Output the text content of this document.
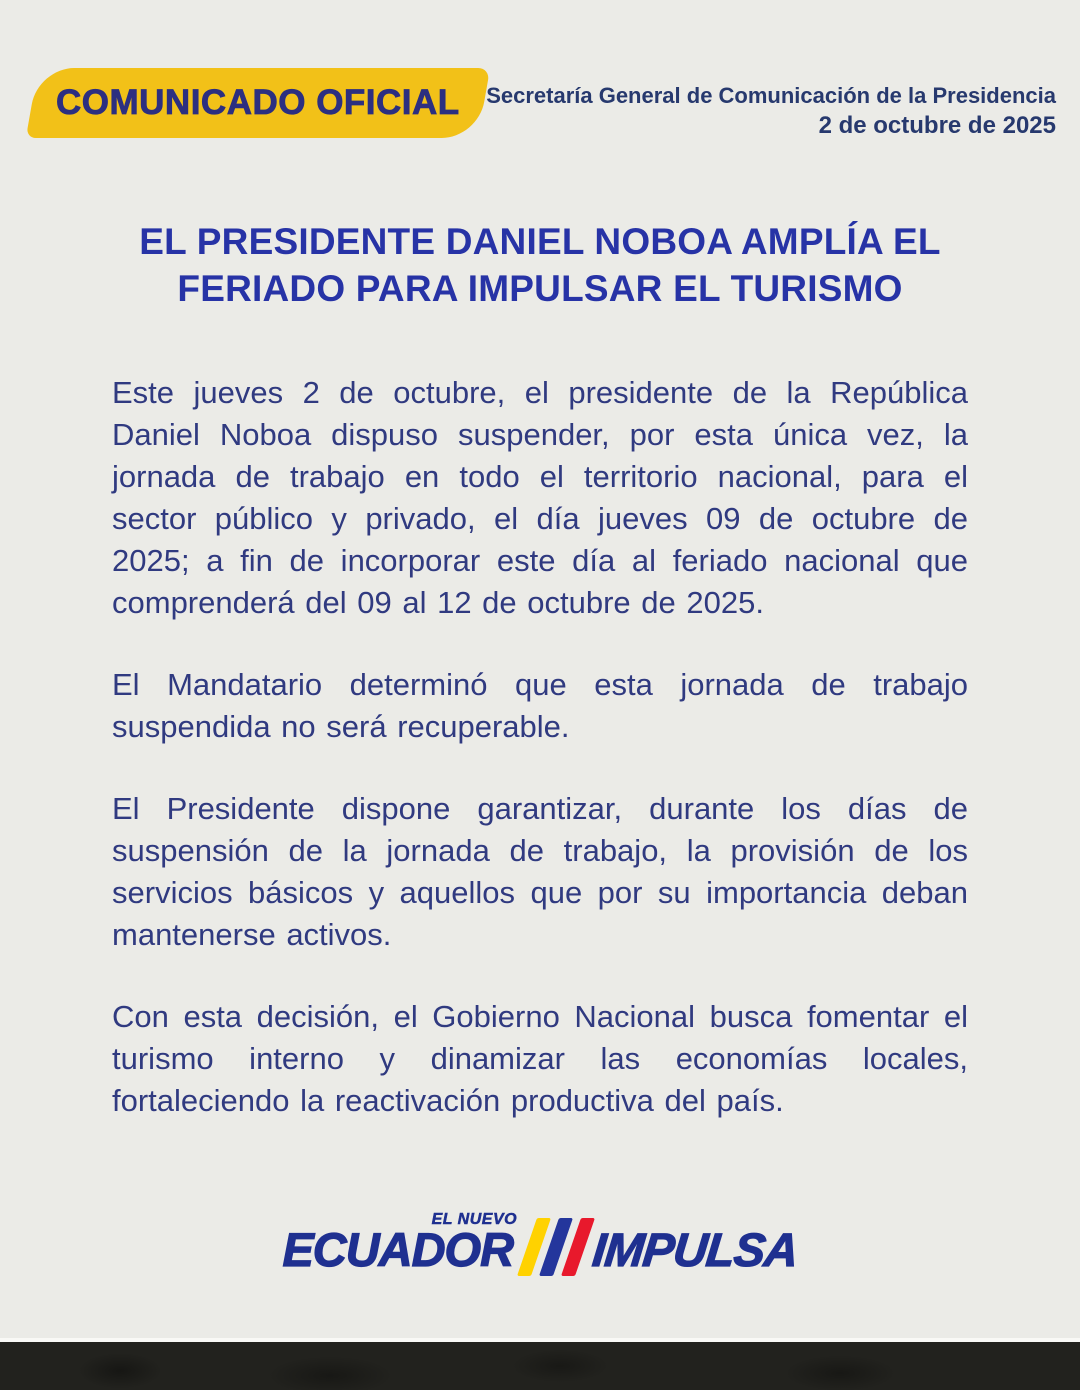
COMUNICADO OFICIAL Secretaría General de Comunicación de la Presidencia
2 de octubre de 2025
EL PRESIDENTE DANIEL NOBOA AMPLÍA EL
FERIADO PARA IMPULSAR EL TURISMO

Este jueves 2 de octubre, el presidente de la República Daniel Noboa dispuso suspender, por esta única vez, la jornada de trabajo en todo el territorio nacional, para el sector público y privado, el día jueves 09 de octubre de 2025; a fin de incorporar este día al feriado nacional que comprenderá del 09 al 12 de octubre de 2025.

El Mandatario determinó que esta jornada de trabajo suspendida no será recuperable.

El Presidente dispone garantizar, durante los días de suspensión de la jornada de trabajo, la provisión de los servicios básicos y aquellos que por su importancia deban mantenerse activos.

Con esta decisión, el Gobierno Nacional busca fomentar el turismo interno y dinamizar las economías locales, fortaleciendo la reactivación productiva del país.

EL NUEVO
ECUADOR IMPULSA
